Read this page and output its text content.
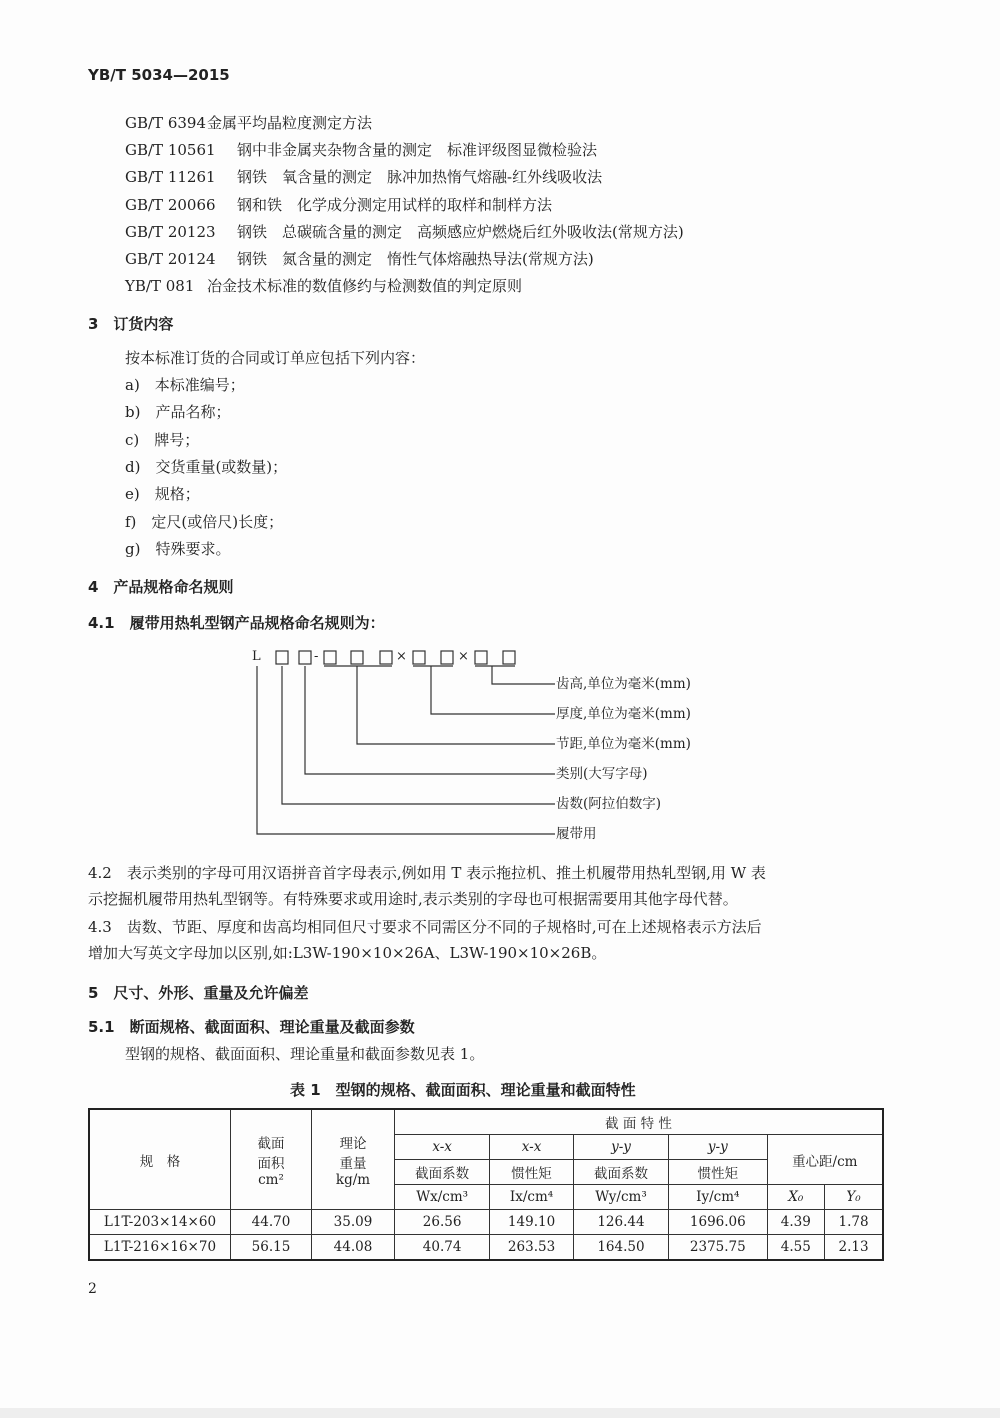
YB/T 5034—2015
GB/T 6394金属平均晶粒度测定方法
GB/T 10561 钢中非金属夹杂物含量的测定　标准评级图显微检验法
GB/T 11261 钢铁　氧含量的测定　脉冲加热惰气熔融-红外线吸收法
GB/T 20066 钢和铁　化学成分测定用试样的取样和制样方法
GB/T 20123 钢铁　总碳硫含量的测定　高频感应炉燃烧后红外吸收法(常规方法)
GB/T 20124 钢铁　氮含量的测定　惰性气体熔融热导法(常规方法)
YB/T 081 冶金技术标准的数值修约与检测数值的判定原则
3　订货内容
按本标准订货的合同或订单应包括下列内容：
a)　本标准编号；
b)　产品名称；
c)　牌号；
d)　交货重量(或数量)；
e)　规格；
f)　定尺(或倍尺)长度；
g)　特殊要求。
4　产品规格命名规则
4.1　履带用热轧型钢产品规格命名规则为：
L	-	×	×
齿高,单位为毫米(mm)
厚度,单位为毫米(mm)
节距,单位为毫米(mm)
类别(大写字母)
齿数(阿拉伯数字)
履带用
4.2　表示类别的字母可用汉语拼音首字母表示,例如用 T 表示拖拉机、推土机履带用热轧型钢,用 W 表
示挖掘机履带用热轧型钢等。有特殊要求或用途时,表示类别的字母也可根据需要用其他字母代替。
4.3　齿数、节距、厚度和齿高均相同但尺寸要求不同需区分不同的子规格时,可在上述规格表示方法后
增加大写英文字母加以区别,如:L3W-190×10×26A、L3W-190×10×26B。
5　尺寸、外形、重量及允许偏差
5.1　断面规格、截面面积、理论重量及截面参数
型钢的规格、截面面积、理论重量和截面参数见表 1。
表 1　型钢的规格、截面面积、理论重量和截面特性
规　格	截面
面积
cm²	理论
重量
kg/m	截 面 特 性					
			x-x	x-x	y-y	y-y	重心距/cm	
			截面系数	惯性矩	截面系数	惯性矩		
			Wx/cm³	Ix/cm⁴	Wy/cm³	Iy/cm⁴	X₀	Y₀
L1T-203×14×60	44.70	35.09	26.56	149.10	126.44	1696.06	4.39	1.78
L1T-216×16×70	56.15	44.08	40.74	263.53	164.50	2375.75	4.55	2.13
2
